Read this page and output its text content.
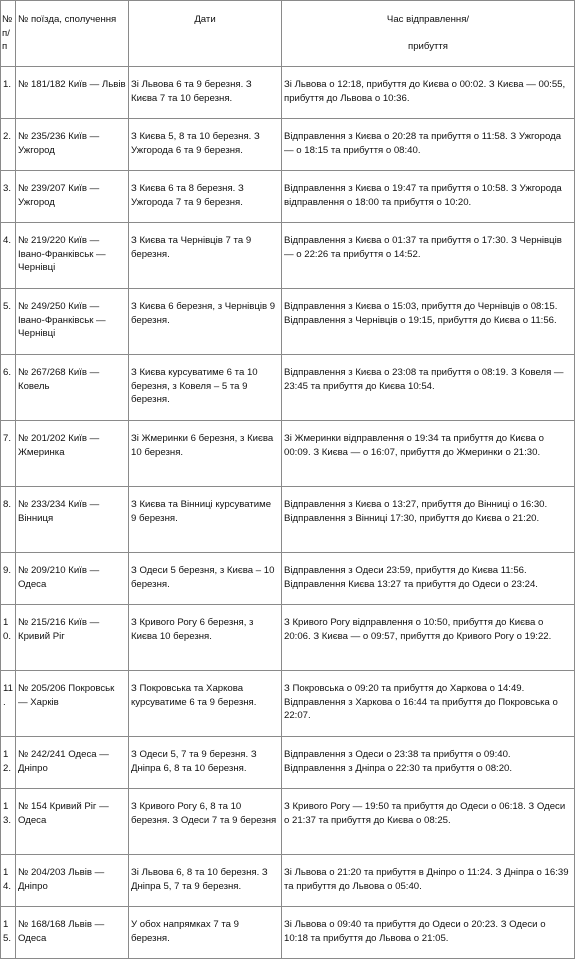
№ п/п	№ поїзда, сполучення	Дати	Час відправлення/
прибуття

1.	№ 181/182 Київ — Львів	Зі Львова 6 та 9 березня. З Києва 7 та 10 березня.	Зі Львова о 12:18, прибуття до Києва о 00:02. З Києва — 00:55, прибуття до Львова о 10:36.
2.	№ 235/236 Київ — Ужгород	З Києва 5, 8 та 10 березня. З Ужгорода 6 та 9 березня.	Відправлення з Києва о 20:28 та прибуття о 11:58. З Ужгорода — о 18:15 та прибуття о 08:40.
3.	№ 239/207 Київ — Ужгород	З Києва 6 та 8 березня. З Ужгорода 7 та 9 березня.	Відправлення з Києва о 19:47 та прибуття о 10:58. З Ужгорода відправлення о 18:00 та прибуття о 10:20.
4.	№ 219/220 Київ — Івано-Франківськ — Чернівці	З Києва та Чернівців 7 та 9 березня.	Відправлення з Києва о 01:37 та прибуття о 17:30. З Чернівців — о 22:26 та прибуття о 14:52.
5.	№ 249/250 Київ — Івано-Франківськ — Чернівці	З Києва 6 березня, з Чернівців 9 березня.	Відправлення з Києва о 15:03, прибуття до Чернівців о 08:15. Відправлення з Чернівців о 19:15, прибуття до Києва о 11:56.
6.	№ 267/268 Київ — Ковель	З Києва курсуватиме 6 та 10 березня, з Ковеля – 5 та 9 березня.	Відправлення з Києва о 23:08 та прибуття о 08:19. З Ковеля — 23:45 та прибуття до Києва 10:54.
7.	№ 201/202 Київ — Жмеринка	Зі Жмеринки 6 березня, з Києва 10 березня.	Зі Жмеринки відправлення о 19:34 та прибуття до Києва о 00:09. З Києва — о 16:07, прибуття до Жмеринки о 21:30.
8.	№ 233/234 Київ — Вінниця	З Києва та Вінниці курсуватиме 9 березня.	Відправлення з Києва о 13:27, прибуття до Вінниці о 16:30. Відправлення з Вінниці 17:30, прибуття до Києва о 21:20.
9.	№ 209/210 Київ — Одеса	З Одеси 5 березня, з Києва – 10 березня.	Відправлення з Одеси 23:59, прибуття до Києва 11:56. Відправлення Києва 13:27 та прибуття до Одеси о 23:24.
10.	№ 215/216 Київ — Кривий Ріг	З Кривого Рогу 6 березня, з Києва 10 березня.	З Кривого Рогу відправлення о 10:50, прибуття до Києва о 20:06. З Києва — о 09:57, прибуття до Кривого Рогу о 19:22.
11.	№ 205/206 Покровськ — Харків	З Покровська та Харкова курсуватиме 6 та 9 березня.	З Покровська о 09:20 та прибуття до Харкова о 14:49. Відправлення з Харкова о 16:44 та прибуття до Покровська о 22:07.
12.	№ 242/241 Одеса — Дніпро	З Одеси 5, 7 та 9 березня. З Дніпра 6, 8 та 10 березня.	Відправлення з Одеси о 23:38 та прибуття о 09:40. Відправлення з Дніпра о 22:30 та прибуття о 08:20.
13.	№ 154 Кривий Ріг — Одеса	З Кривого Рогу 6, 8 та 10 березня. З Одеси 7 та 9 березня	З Кривого Рогу — 19:50 та прибуття до Одеси о 06:18. З Одеси о 21:37 та прибуття до Києва о 08:25.
14.	№ 204/203 Львів — Дніпро	Зі Львова 6, 8 та 10 березня. З Дніпра 5, 7 та 9 березня.	Зі Львова о 21:20 та прибуття в Дніпро о 11:24. З Дніпра о 16:39 та прибуття до Львова о 05:40.
15.	№ 168/168 Львів — Одеса	У обох напрямках 7 та 9 березня.	Зі Львова о 09:40 та прибуття до Одеси о 20:23. З Одеси о 10:18 та прибуття до Львова о 21:05.
